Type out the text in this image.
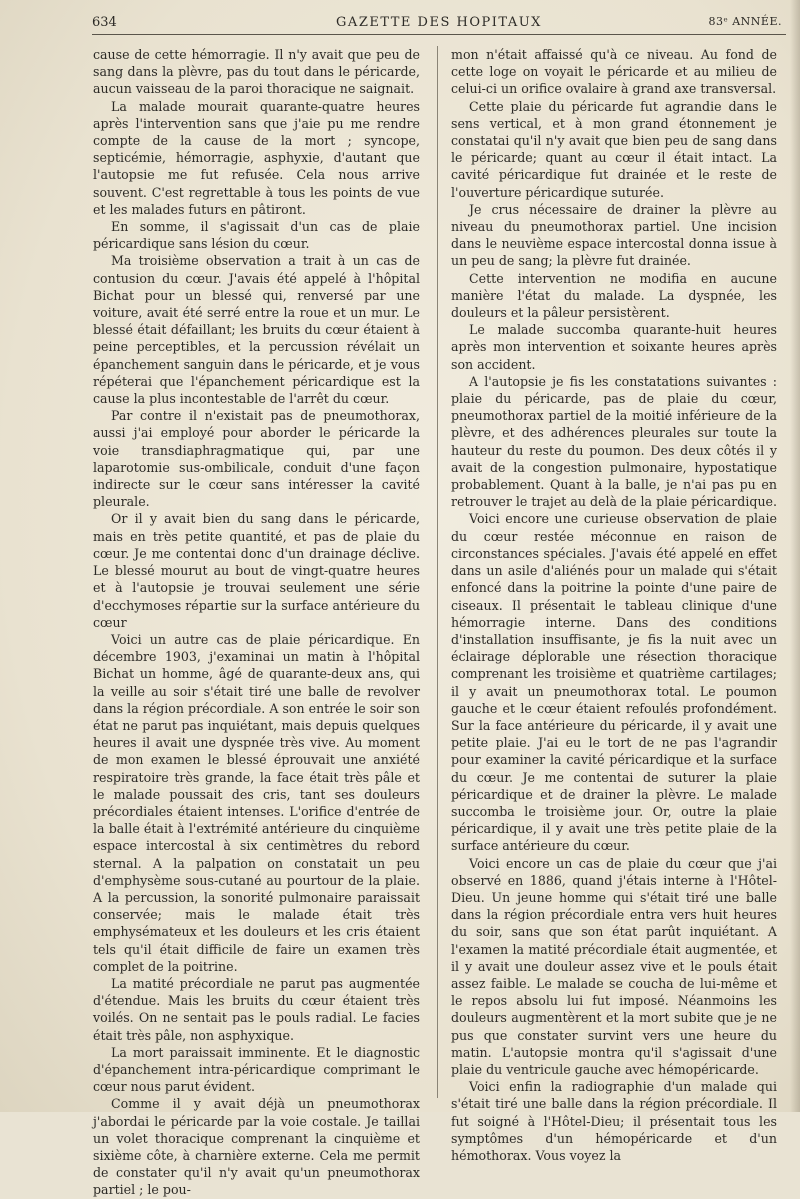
634	GAZETTE DES HOPITAUX	83ᵉ ANNÉE.

cause de cette hémorragie. Il n'y avait que peu de sang dans la plèvre, pas du tout dans le péricarde, aucun vaisseau de la paroi thoracique ne saignait.

La malade mourait quarante-quatre heures après l'intervention sans que j'aie pu me rendre compte de la cause de la mort ; syncope, septicémie, hémorragie, asphyxie, d'autant que l'autopsie me fut refusée. Cela nous arrive souvent. C'est regrettable à tous les points de vue et les malades futurs en pâtiront.

En somme, il s'agissait d'un cas de plaie péricardique sans lésion du cœur.

Ma troisième observation a trait à un cas de contusion du cœur. J'avais été appelé à l'hôpital Bichat pour un blessé qui, renversé par une voiture, avait été serré entre la roue et un mur. Le blessé était défaillant; les bruits du cœur étaient à peine perceptibles, et la percussion révélait un épanchement sanguin dans le péricarde, et je vous répéterai que l'épanchement péricardique est la cause la plus incontestable de l'arrêt du cœur.

Par contre il n'existait pas de pneumothorax, aussi j'ai employé pour aborder le péricarde la voie transdiaphragmatique qui, par une laparotomie sus-ombilicale, conduit d'une façon indirecte sur le cœur sans intéresser la cavité pleurale.

Or il y avait bien du sang dans le péricarde, mais en très petite quantité, et pas de plaie du cœur. Je me contentai donc d'un drainage déclive. Le blessé mourut au bout de vingt-quatre heures et à l'autopsie je trouvai seulement une série d'ecchymoses répartie sur la surface antérieure du cœur

Voici un autre cas de plaie péricardique. En décembre 1903, j'examinai un matin à l'hôpital Bichat un homme, âgé de quarante-deux ans, qui la veille au soir s'était tiré une balle de revolver dans la région précordiale. A son entrée le soir son état ne parut pas inquiétant, mais depuis quelques heures il avait une dyspnée très vive. Au moment de mon examen le blessé éprouvait une anxiété respiratoire très grande, la face était très pâle et le malade poussait des cris, tant ses douleurs précordiales étaient intenses. L'orifice d'entrée de la balle était à l'extrémité antérieure du cinquième espace intercostal à six centimètres du rebord sternal. A la palpation on constatait un peu d'emphysème sous-cutané au pourtour de la plaie. A la percussion, la sonorité pulmonaire paraissait conservée; mais le malade était très emphysémateux et les douleurs et les cris étaient tels qu'il était difficile de faire un examen très complet de la poitrine.

La matité précordiale ne parut pas augmentée d'étendue. Mais les bruits du cœur étaient très voilés. On ne sentait pas le pouls radial. Le facies était très pâle, non asphyxique.

La mort paraissait imminente. Et le diagnostic d'épanchement intra-péricardique comprimant le cœur nous parut évident.

Comme il y avait déjà un pneumothorax j'abordai le péricarde par la voie costale. Je taillai un volet thoracique comprenant la cinquième et sixième côte, à charnière externe. Cela me permit de constater qu'il n'y avait qu'un pneumothorax partiel ; le pou-

mon n'était affaissé qu'à ce niveau. Au fond de cette loge on voyait le péricarde et au milieu de celui-ci un orifice ovalaire à grand axe transversal.

Cette plaie du péricarde fut agrandie dans le sens vertical, et à mon grand étonnement je constatai qu'il n'y avait que bien peu de sang dans le péricarde; quant au cœur il était intact. La cavité péricardique fut drainée et le reste de l'ouverture péricardique suturée.

Je crus nécessaire de drainer la plèvre au niveau du pneumothorax partiel. Une incision dans le neuvième espace intercostal donna issue à un peu de sang; la plèvre fut drainée.

Cette intervention ne modifia en aucune manière l'état du malade. La dyspnée, les douleurs et la pâleur persistèrent.

Le malade succomba quarante-huit heures après mon intervention et soixante heures après son accident.

A l'autopsie je fis les constatations suivantes : plaie du péricarde, pas de plaie du cœur, pneumothorax partiel de la moitié inférieure de la plèvre, et des adhérences pleurales sur toute la hauteur du reste du poumon. Des deux côtés il y avait de la congestion pulmonaire, hypostatique probablement. Quant à la balle, je n'ai pas pu en retrouver le trajet au delà de la plaie péricardique.

Voici encore une curieuse observation de plaie du cœur restée méconnue en raison de circonstances spéciales. J'avais été appelé en effet dans un asile d'aliénés pour un malade qui s'était enfoncé dans la poitrine la pointe d'une paire de ciseaux. Il présentait le tableau clinique d'une hémorragie interne. Dans des conditions d'installation insuffisante, je fis la nuit avec un éclairage déplorable une résection thoracique comprenant les troisième et quatrième cartilages; il y avait un pneumothorax total. Le poumon gauche et le cœur étaient refoulés profondément. Sur la face antérieure du péricarde, il y avait une petite plaie. J'ai eu le tort de ne pas l'agrandir pour examiner la cavité péricardique et la surface du cœur. Je me contentai de suturer la plaie péricardique et de drainer la plèvre. Le malade succomba le troisième jour. Or, outre la plaie péricardique, il y avait une très petite plaie de la surface antérieure du cœur.

Voici encore un cas de plaie du cœur que j'ai observé en 1886, quand j'étais interne à l'Hôtel-Dieu. Un jeune homme qui s'était tiré une balle dans la région précordiale entra vers huit heures du soir, sans que son état parût inquiétant. A l'examen la matité précordiale était augmentée, et il y avait une douleur assez vive et le pouls était assez faible. Le malade se coucha de lui-même et le repos absolu lui fut imposé. Néanmoins les douleurs augmentèrent et la mort subite que je ne pus que constater survint vers une heure du matin. L'autopsie montra qu'il s'agissait d'une plaie du ventricule gauche avec hémopéricarde.

Voici enfin la radiographie d'un malade qui s'était tiré une balle dans la région précordiale. Il fut soigné à l'Hôtel-Dieu; il présentait tous les symptômes d'un hémopéricarde et d'un hémothorax. Vous voyez la
